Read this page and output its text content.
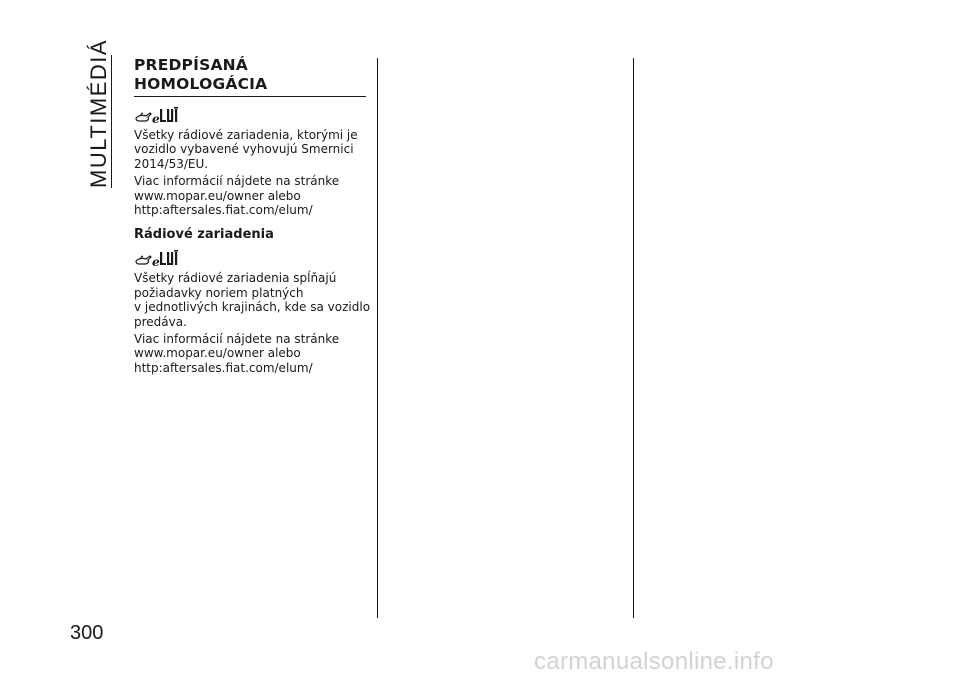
MULTIMÉDIÁ
300
PREDPÍSANÁ
HOMOLOGÁCIA
e

Všetky rádiové zariadenia, ktorými je
vozidlo vybavené vyhovujú Smernici
2014/53/EU.

Viac informácií nájdete na stránke
www.mopar.eu/owner alebo
http:aftersales.fiat.com/elum/

Rádiové zariadenia
e

Všetky rádiové zariadenia spĺňajú
požiadavky noriem platných
v jednotlivých krajinách, kde sa vozidlo
predáva.

Viac informácií nájdete na stránke
www.mopar.eu/owner alebo
http:aftersales.fiat.com/elum/

carmanualsonline.info
